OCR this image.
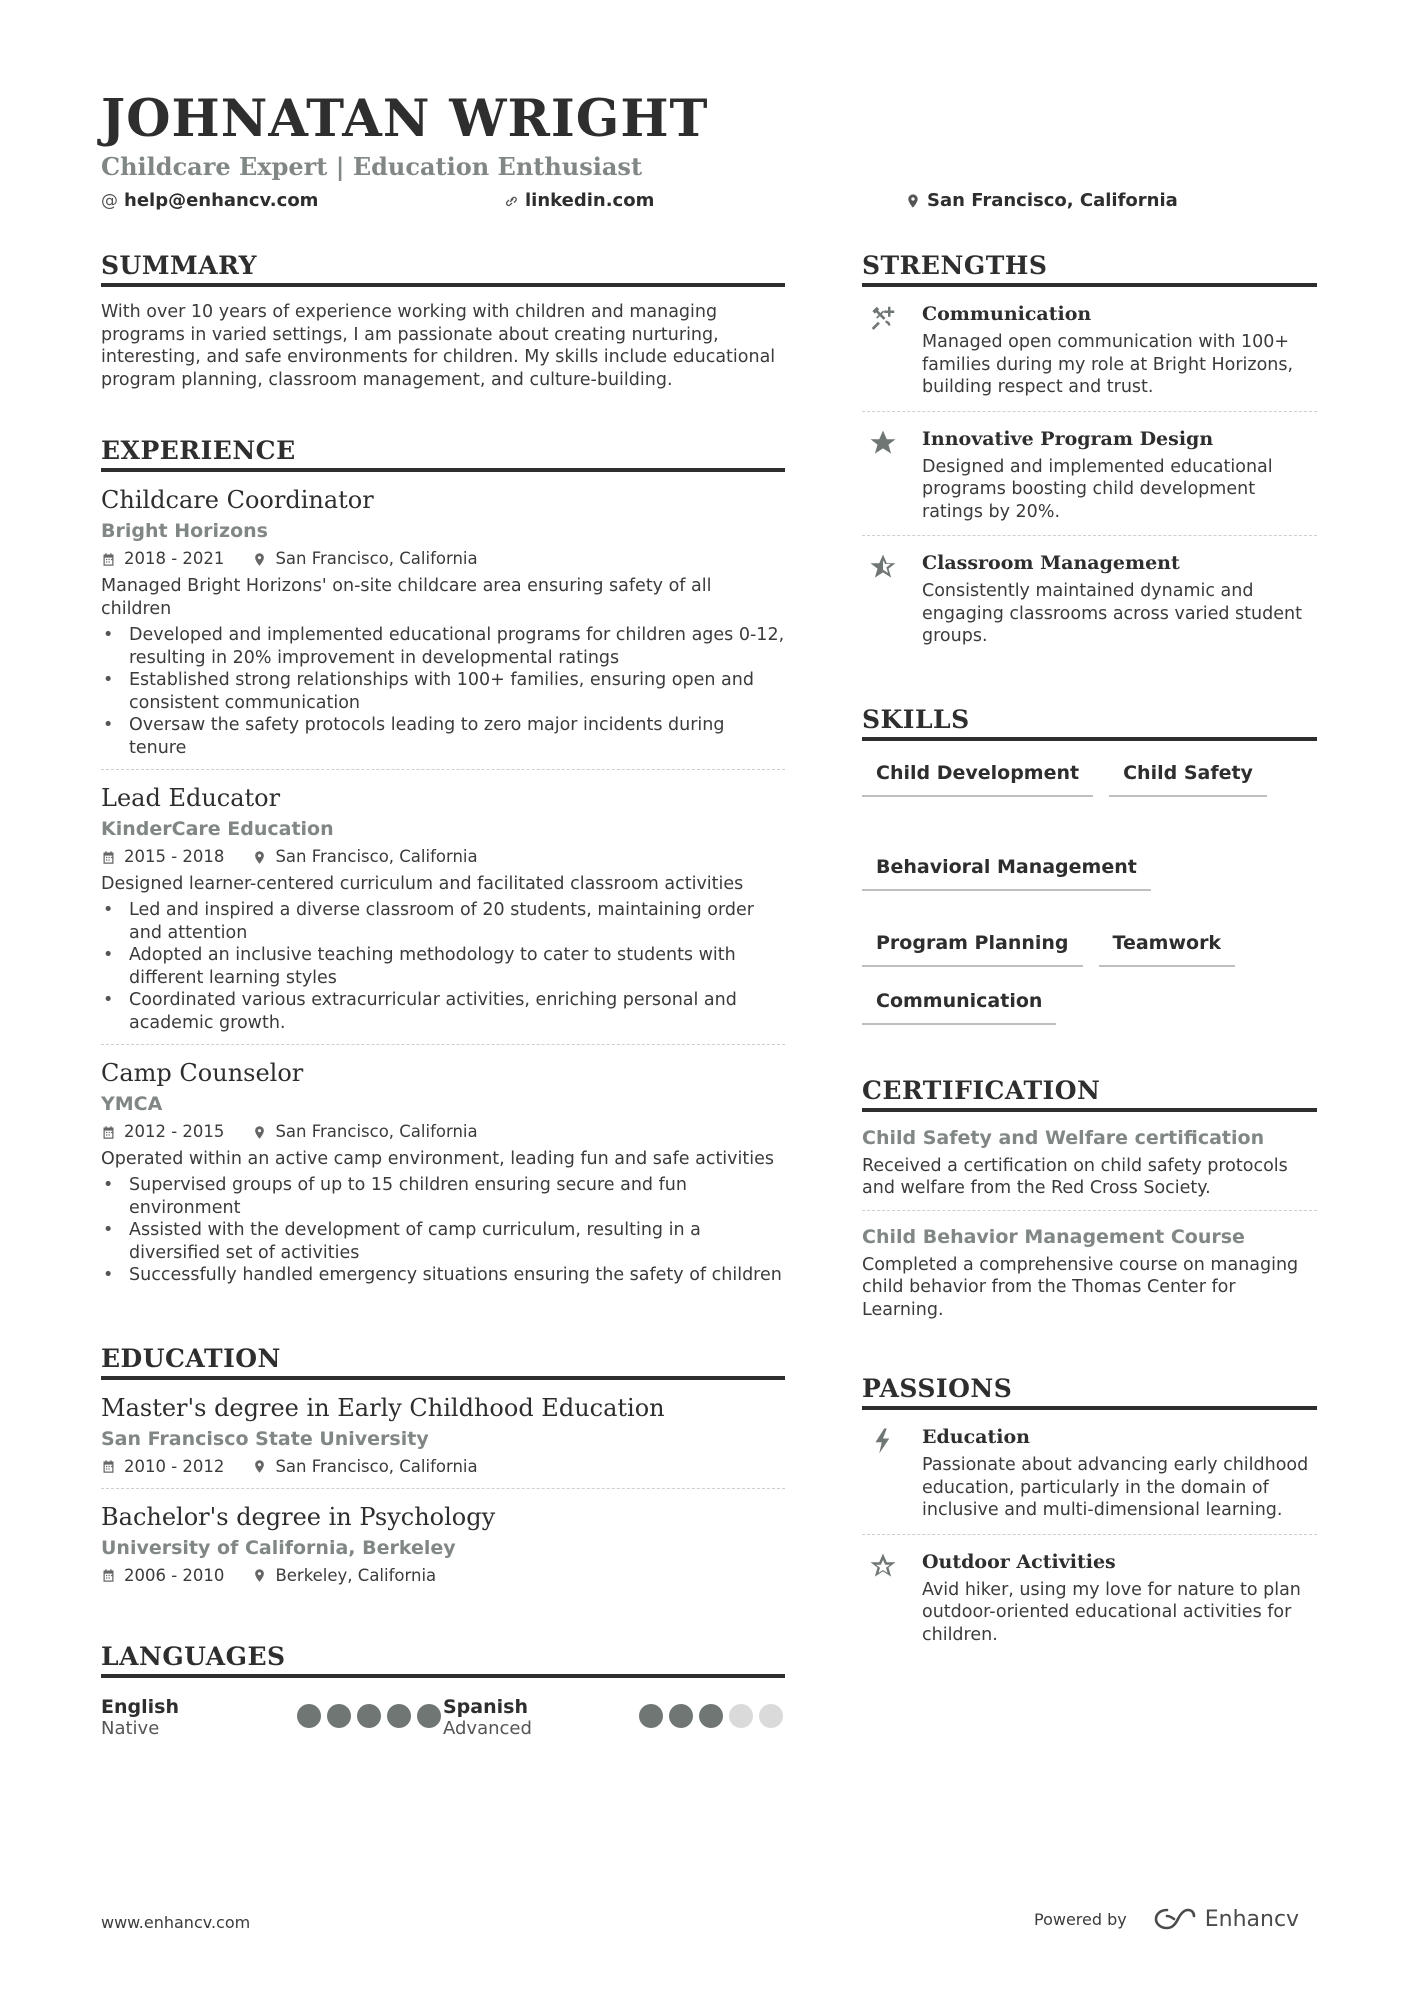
JOHNATAN WRIGHT
Childcare Expert | Education Enthusiast
@ help@enhancv.com	linkedin.com	San Francisco, California
SUMMARY
With over 10 years of experience working with children and managing programs in varied settings, I am passionate about creating nurturing, interesting, and safe environments for children. My skills include educational program planning, classroom management, and culture-building.
EXPERIENCE
Childcare Coordinator
Bright Horizons
2018 - 2021	San Francisco, California
Managed Bright Horizons' on-site childcare area ensuring safety of all children
• Developed and implemented educational programs for children ages 0-12, resulting in 20% improvement in developmental ratings
• Established strong relationships with 100+ families, ensuring open and consistent communication
• Oversaw the safety protocols leading to zero major incidents during tenure
Lead Educator
KinderCare Education
2015 - 2018	San Francisco, California
Designed learner-centered curriculum and facilitated classroom activities
• Led and inspired a diverse classroom of 20 students, maintaining order and attention
• Adopted an inclusive teaching methodology to cater to students with different learning styles
• Coordinated various extracurricular activities, enriching personal and academic growth.
Camp Counselor
YMCA
2012 - 2015	San Francisco, California
Operated within an active camp environment, leading fun and safe activities
• Supervised groups of up to 15 children ensuring secure and fun environment
• Assisted with the development of camp curriculum, resulting in a diversified set of activities
• Successfully handled emergency situations ensuring the safety of children
EDUCATION
Master's degree in Early Childhood Education
San Francisco State University
2010 - 2012	San Francisco, California
Bachelor's degree in Psychology
University of California, Berkeley
2006 - 2010	Berkeley, California
LANGUAGES
English
Native
Spanish
Advanced
STRENGTHS
Communication
Managed open communication with 100+ families during my role at Bright Horizons, building respect and trust.
Innovative Program Design
Designed and implemented educational programs boosting child development ratings by 20%.
Classroom Management
Consistently maintained dynamic and engaging classrooms across varied student groups.
SKILLS
Child Development	Child Safety
Behavioral Management
Program Planning	Teamwork
Communication
CERTIFICATION
Child Safety and Welfare certification
Received a certification on child safety protocols and welfare from the Red Cross Society.
Child Behavior Management Course
Completed a comprehensive course on managing child behavior from the Thomas Center for Learning.
PASSIONS
Education
Passionate about advancing early childhood education, particularly in the domain of inclusive and multi-dimensional learning.
Outdoor Activities
Avid hiker, using my love for nature to plan outdoor-oriented educational activities for children.
www.enhancv.com	Powered by	Enhancv
